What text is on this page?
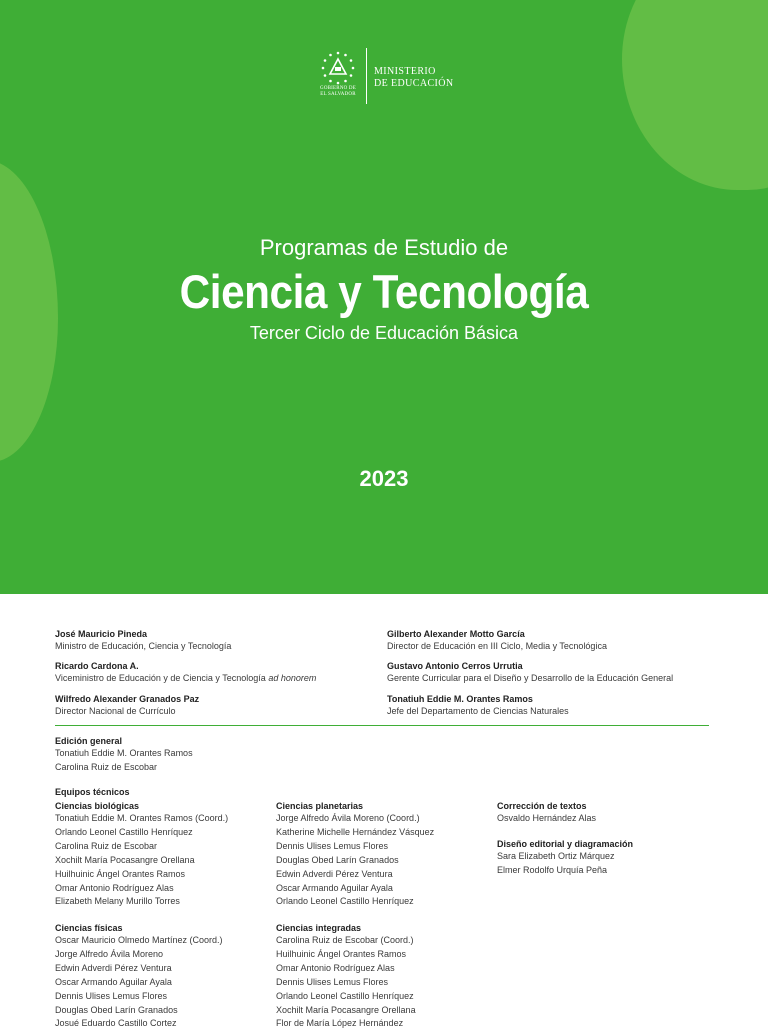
GOBIERNO DE
EL SALVADOR
MINISTERIO
DE EDUCACIÓN
Programas de Estudio de
Ciencia y Tecnología
Tercer Ciclo de Educación Básica
2023
José Mauricio Pineda
Ministro de Educación, Ciencia y Tecnología
Ricardo Cardona A.
Viceministro de Educación y de Ciencia y Tecnología ad honorem
Wilfredo Alexander Granados Paz
Director Nacional de Currículo
Gilberto Alexander Motto García
Director de Educación en III Ciclo, Media y Tecnológica
Gustavo Antonio Cerros Urrutia
Gerente Curricular para el Diseño y Desarrollo de la Educación General
Tonatiuh Eddie M. Orantes Ramos
Jefe del Departamento de Ciencias Naturales
Edición general
Tonatiuh Eddie M. Orantes Ramos
Carolina Ruiz de Escobar
Equipos técnicos
Ciencias biológicas
Tonatiuh Eddie M. Orantes Ramos (Coord.)
Orlando Leonel Castillo Henríquez
Carolina Ruiz de Escobar
Xochilt María Pocasangre Orellana
Huilhuinic Ángel Orantes Ramos
Omar Antonio Rodríguez Alas
Elizabeth Melany Murillo Torres
Ciencias físicas
Oscar Mauricio Olmedo Martínez (Coord.)
Jorge Alfredo Ávila Moreno
Edwin Adverdi Pérez Ventura
Oscar Armando Aguilar Ayala
Dennis Ulises Lemus Flores
Douglas Obed Larín Granados
Josué Eduardo Castillo Cortez
Ciencias planetarias
Jorge Alfredo Ávila Moreno (Coord.)
Katherine Michelle Hernández Vásquez
Dennis Ulises Lemus Flores
Douglas Obed Larín Granados
Edwin Adverdi Pérez Ventura
Oscar Armando Aguilar Ayala
Orlando Leonel Castillo Henríquez
Ciencias integradas
Carolina Ruiz de Escobar (Coord.)
Huilhuinic Ángel Orantes Ramos
Omar Antonio Rodríguez Alas
Dennis Ulises Lemus Flores
Orlando Leonel Castillo Henríquez
Xochilt María Pocasangre Orellana
Flor de María López Hernández
Corrección de textos
Osvaldo Hernández Alas
Diseño editorial y diagramación
Sara Elizabeth Ortiz Márquez
Elmer Rodolfo Urquía Peña
